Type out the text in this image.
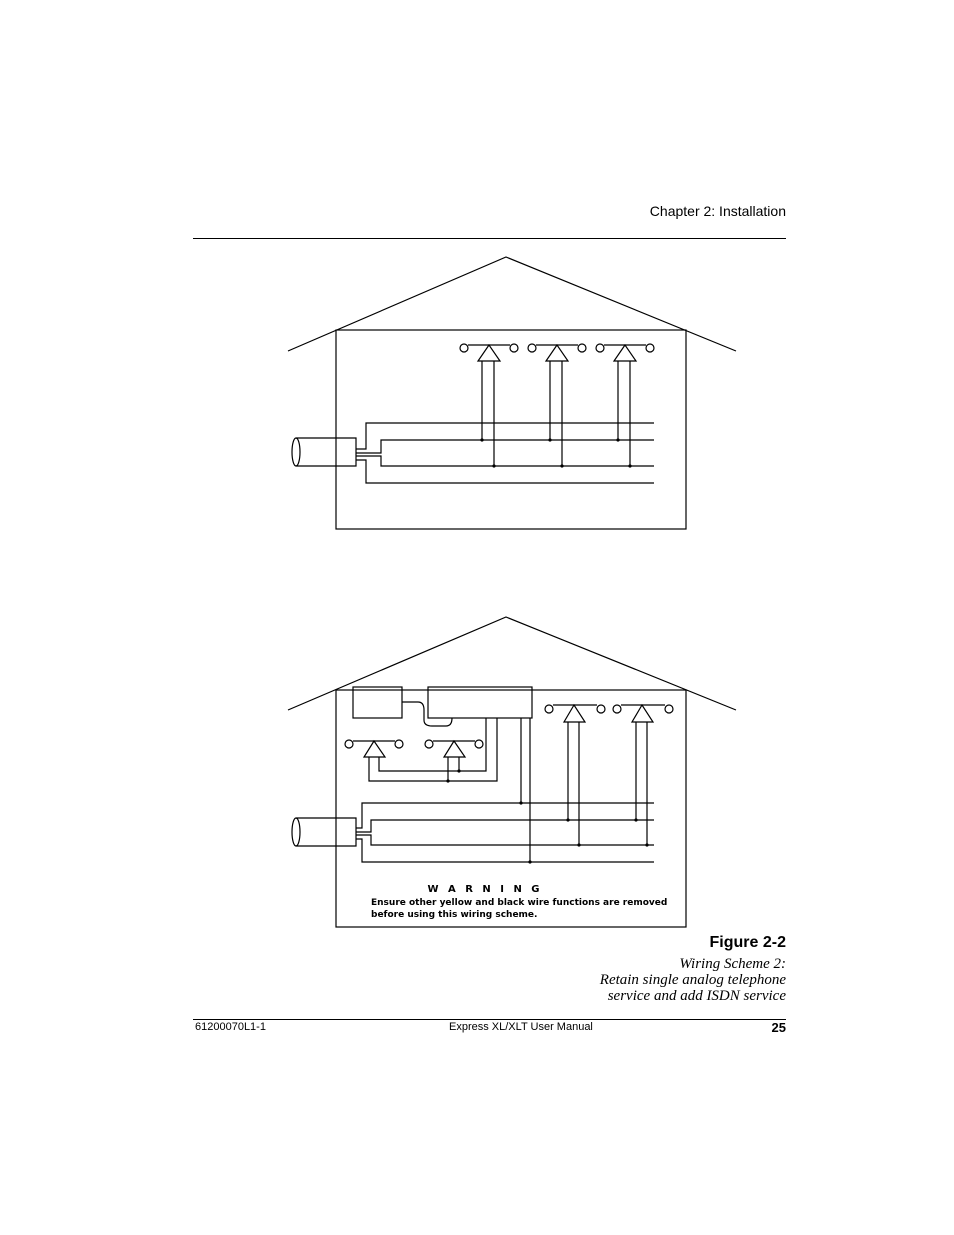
Chapter 2: Installation
W A R N I N G
Ensure other yellow and black wire functions are removed
before using this wiring scheme.
Figure 2-2
Wiring Scheme 2:
Retain single analog telephone
service and add ISDN service
61200070L1-1	Express XL/XLT User Manual	25
